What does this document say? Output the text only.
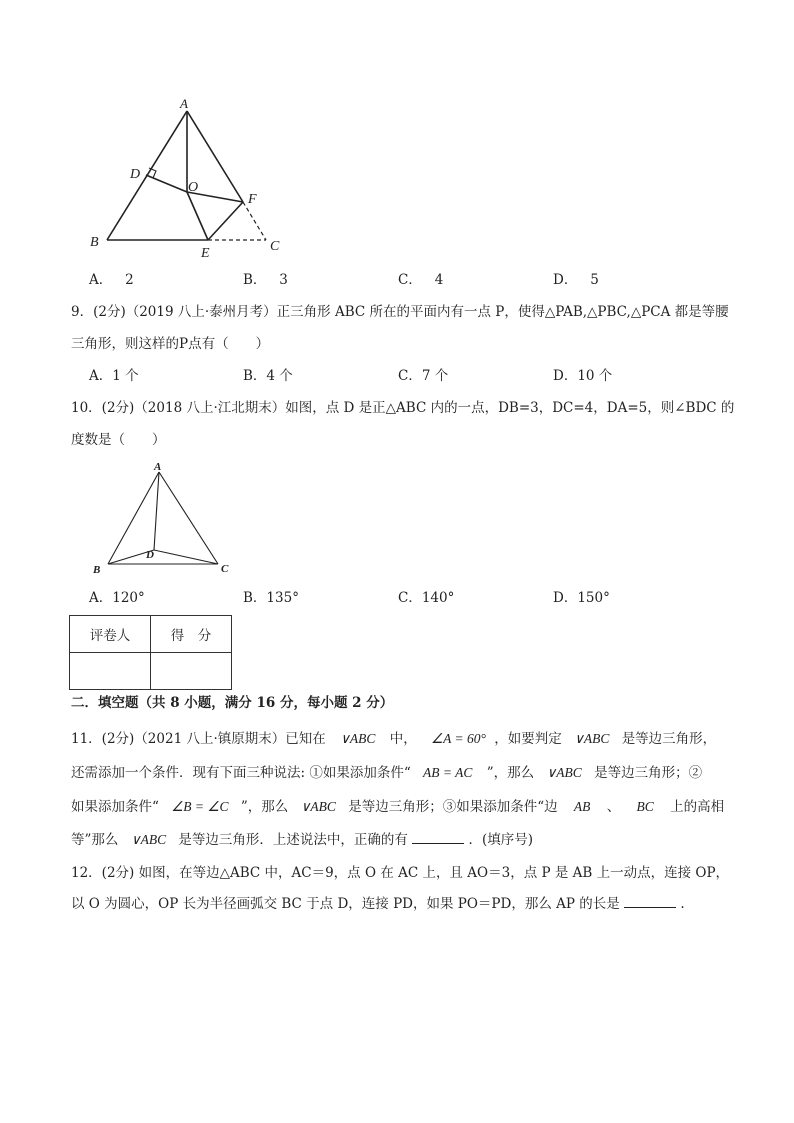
A
D
O
F
B
E	C
A．   2	B．   3	C．   4	D．   5
9．(2分)（2019 八上·泰州月考）正三角形 ABC 所在的平面内有一点 P，使得△PAB,△PBC,△PCA 都是等腰
三角形，则这样的P点有（　　）
A．1 个	B．4 个	C．7 个	D．10 个
10．(2分)（2018 八上·江北期末）如图，点 D 是正△ABC 内的一点，DB=3，DC=4，DA=5，则∠BDC 的
度数是（　　）
A
D
B	C
A．120°	B．135°	C．140°	D．150°
评卷人	得　分

二．填空题（共 8 小题，满分 16 分，每小题 2 分）
11．(2分)（2021 八上·镇原期末）已知在 ∨ABC 中， ∠A = 60° ，如要判定 ∨ABC 是等边三角形，
还需添加一个条件．现有下面三种说法: ①如果添加条件“ AB = AC ”，那么 ∨ABC 是等边三角形；②
如果添加条件“ ∠B = ∠C ”，那么 ∨ABC 是等边三角形；③如果添加条件“边 AB 、 BC 上的高相
等”那么 ∨ABC 是等边三角形．上述说法中，正确的有	．(填序号)
12．(2分) 如图，在等边△ABC 中，AC＝9，点 O 在 AC 上，且 AO＝3，点 P 是 AB 上一动点，连接 OP，
以 O 为圆心，OP 长为半径画弧交 BC 于点 D，连接 PD，如果 PO＝PD，那么 AP 的长是	.
